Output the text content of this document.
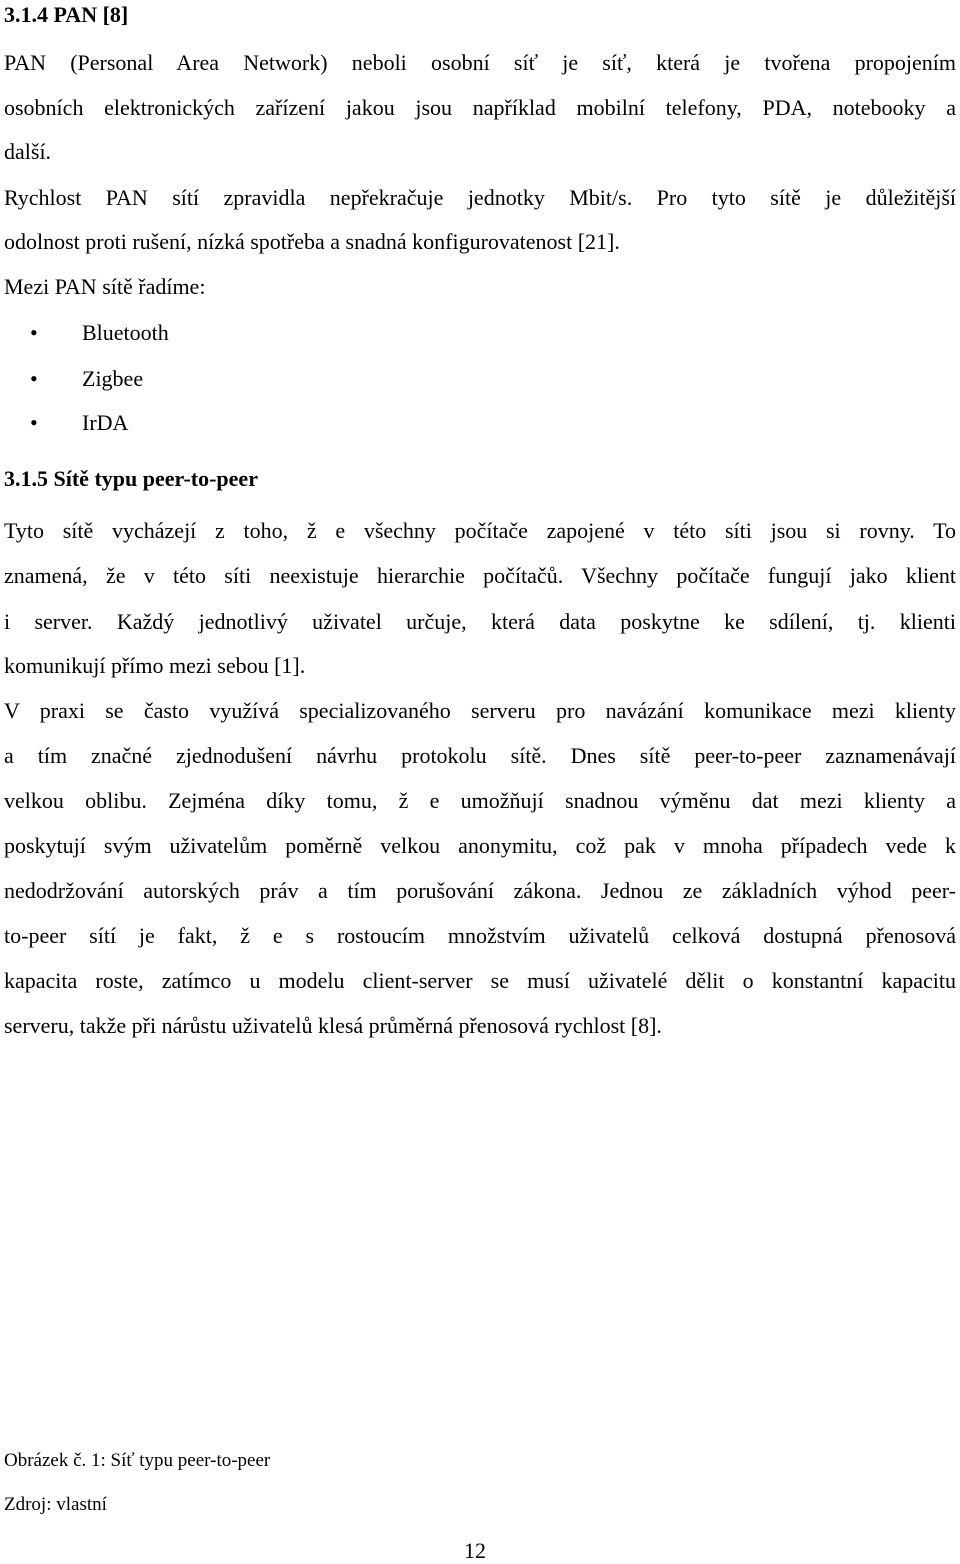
3.1.4 PAN [8]
PAN (Personal Area Network) neboli osobní síť je síť, která je tvořena propojením
osobních elektronických zařízení jakou jsou například mobilní telefony, PDA, notebooky a
další.
Rychlost PAN sítí zpravidla nepřekračuje jednotky Mbit/s. Pro tyto sítě je důležitější
odolnost proti rušení, nízká spotřeba a snadná konfigurovatenost [21].
Mezi PAN sítě řadíme:
• Bluetooth
• Zigbee
• IrDA
3.1.5 Sítě typu peer-to-peer
Tyto sítě vycházejí z toho, ž e všechny počítače zapojené v této síti jsou si rovny. To
znamená, že v této síti neexistuje hierarchie počítačů. Všechny počítače fungují jako klient
i server. Každý jednotlivý uživatel určuje, která data poskytne ke sdílení, tj. klienti
komunikují přímo mezi sebou [1].
V praxi se často využívá specializovaného serveru pro navázání komunikace mezi klienty
a tím značné zjednodušení návrhu protokolu sítě. Dnes sítě peer-to-peer zaznamenávají
velkou oblibu. Zejména díky tomu, ž e umožňují snadnou výměnu dat mezi klienty a
poskytují svým uživatelům poměrně velkou anonymitu, což pak v mnoha případech vede k
nedodržování autorských práv a tím porušování zákona. Jednou ze základních výhod peer-
to-peer sítí je fakt, ž e s rostoucím množstvím uživatelů celková dostupná přenosová
kapacita roste, zatímco u modelu client-server se musí uživatelé dělit o konstantní kapacitu
serveru, takže při nárůstu uživatelů klesá průměrná přenosová rychlost [8].
Obrázek č. 1: Síť typu peer-to-peer
Zdroj: vlastní
12
